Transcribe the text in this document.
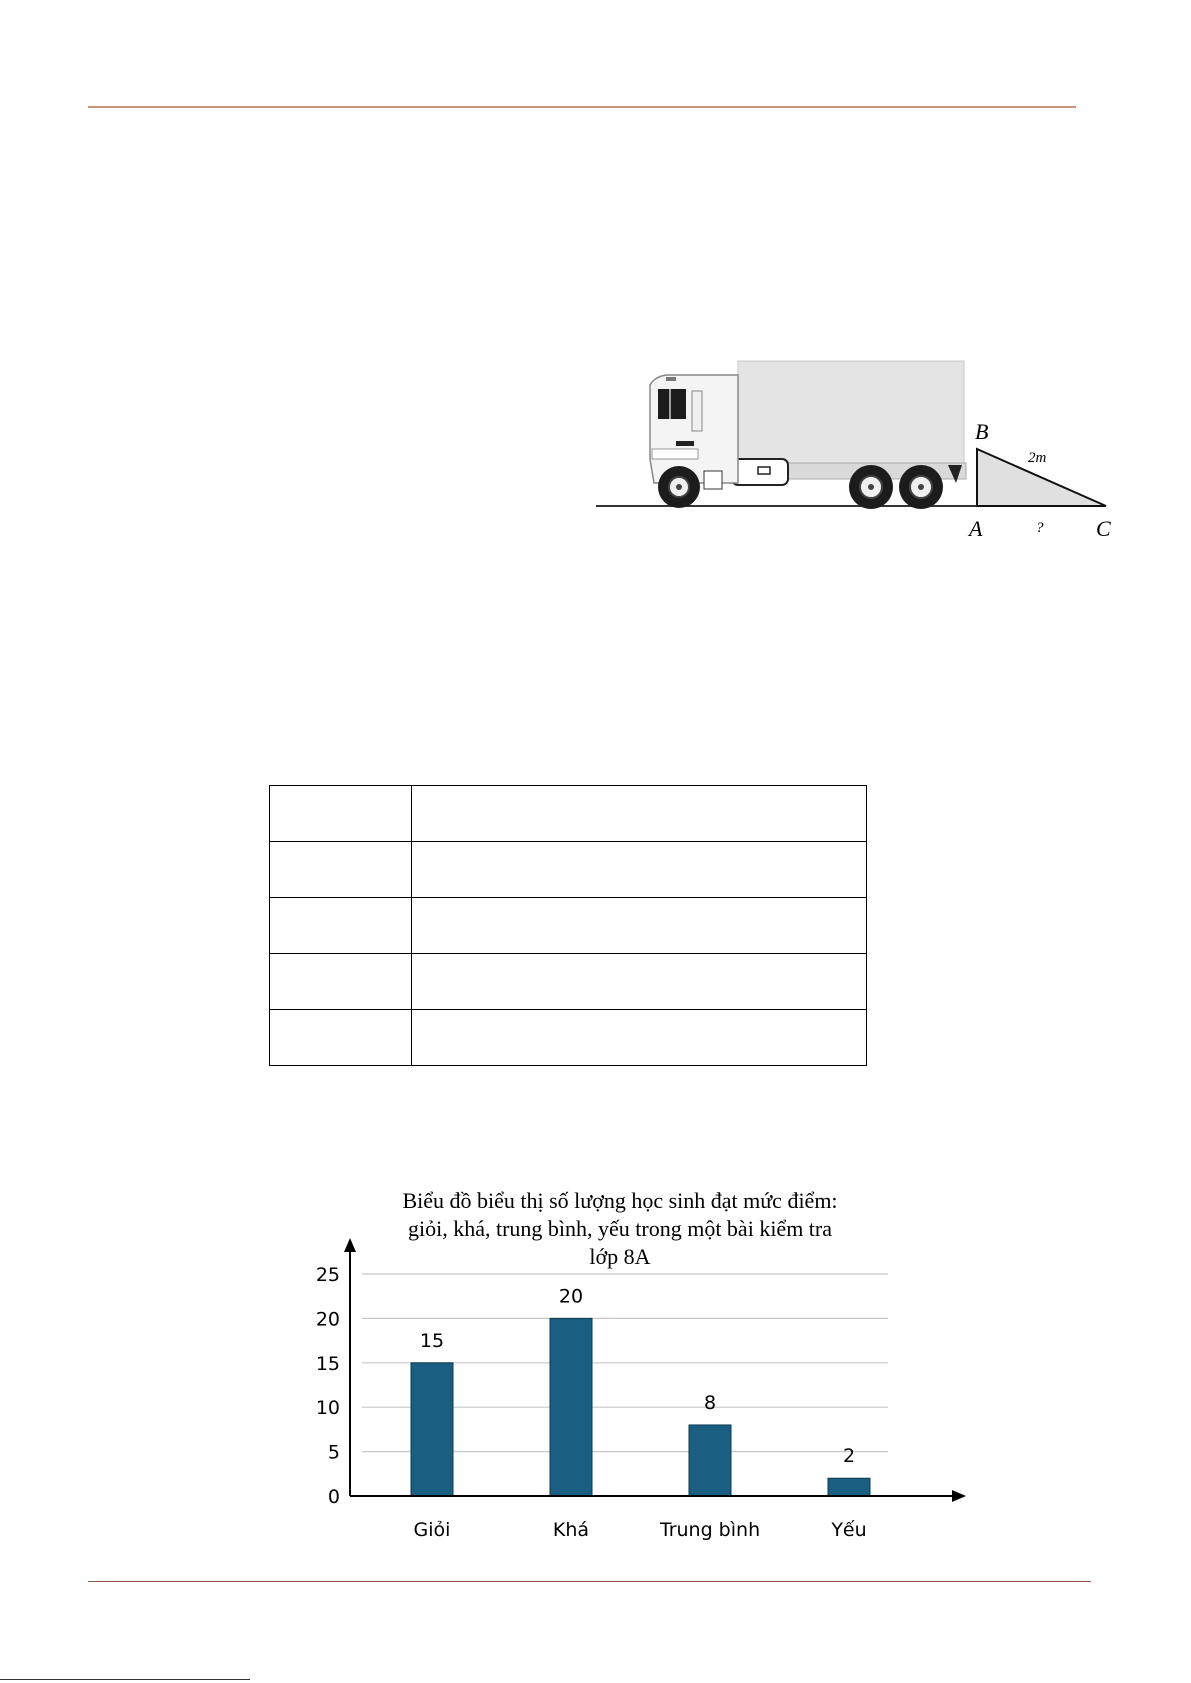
B
A	C
2m
?

Biểu đồ biểu thị số lượng học sinh đạt mức điểm:
giỏi, khá, trung bình, yếu trong một bài kiểm tra
lớp 8A
0
5
10
15
20
25
15
Giỏi
20
Khá
8
Trung bình
2
Yếu
